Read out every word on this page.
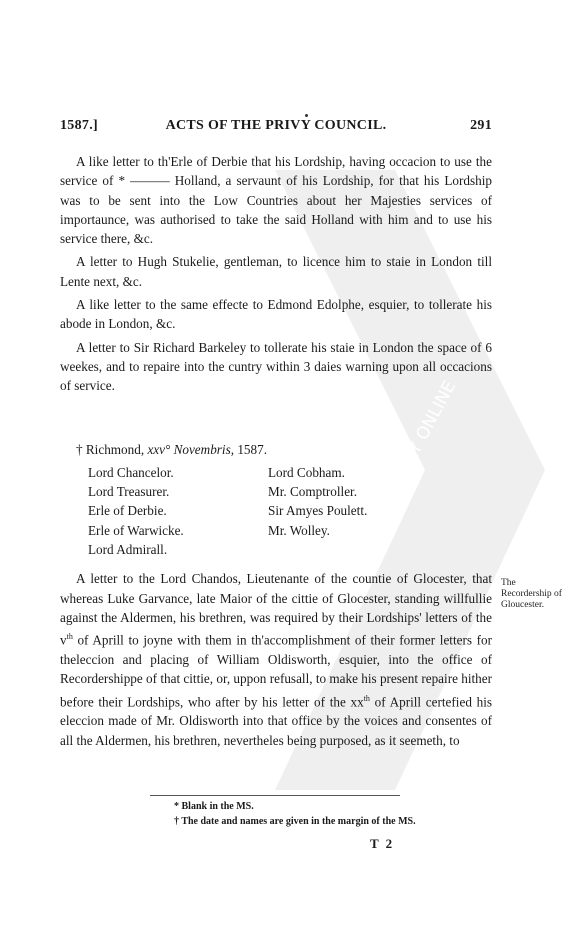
BRITISH HISTORY ONLINE
1587.]	ACTS OF THE PRIVY COUNCIL.	291

A like letter to th'Erle of Derbie that his Lordship, having occacion to use the service of * ——— Holland, a servaunt of his Lordship, for that his Lordship was to be sent into the Low Countries about her Majesties services of importaunce, was authorised to take the said Holland with him and to use his service there, &c.

A letter to Hugh Stukelie, gentleman, to licence him to staie in London till Lente next, &c.

A like letter to the same effecte to Edmond Edolphe, esquier, to tollerate his abode in London, &c.

A letter to Sir Richard Barkeley to tollerate his staie in London the space of 6 weekes, and to repaire into the cuntry within 3 daies warning upon all occacions of service.

† Richmond, xxv° Novembris, 1587.

Lord Chancelor.	Lord Cobham.
Lord Treasurer.	Mr. Comptroller.
Erle of Derbie.	Sir Amyes Poulett.
Erle of Warwicke.	Mr. Wolley.
Lord Admirall.

A letter to the Lord Chandos, Lieutenante of the countie of Glocester, that whereas Luke Garvance, late Maior of the cittie of Glocester, standing willfullie against the Aldermen, his brethren, was required by their Lordships' letters of the $v^{th}$ of Aprill to joyne with them in th'accomplishment of their former letters for theleccion and placing of William Oldisworth, esquier, into the office of Recordershippe of that cittie, or, uppon refusall, to make his present repaire hither before their Lordships, who after by his letter of the $xx^{th}$ of Aprill certefied his eleccion made of Mr. Oldisworth into that office by the voices and consentes of all the Aldermen, his brethren, nevertheles being purposed, as it seemeth, to

The Recordership of Gloucester.
* Blank in the MS.
† The date and names are given in the margin of the MS.
T 2
